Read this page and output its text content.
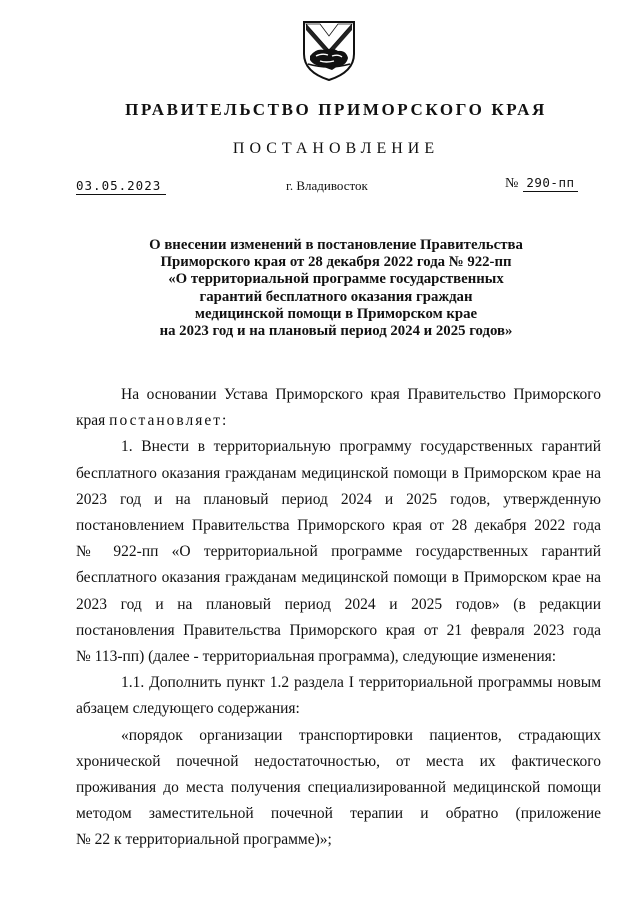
ПРАВИТЕЛЬСТВО ПРИМОРСКОГО КРАЯ
ПОСТАНОВЛЕНИЕ
03.05.2023	г. Владивосток	№ 290-пп
О внесении изменений в постановление Правительства
Приморского края от 28 декабря 2022 года № 922-пп
«О территориальной программе государственных
гарантий бесплатного оказания граждан
медицинской помощи в Приморском крае
на 2023 год и на плановый период 2024 и 2025 годов»
На основании Устава Приморского края Правительство Приморского
края постановляет:
1. Внести в территориальную программу государственных гарантий
бесплатного оказания гражданам медицинской помощи в Приморском крае на
2023 год и на плановый период 2024 и 2025 годов, утвержденную
постановлением Правительства Приморского края от 28 декабря 2022 года
№ 922-пп «О территориальной программе государственных гарантий
бесплатного оказания гражданам медицинской помощи в Приморском крае на
2023 год и на плановый период 2024 и 2025 годов» (в редакции
постановления Правительства Приморского края от 21 февраля 2023 года
№ 113-пп) (далее - территориальная программа), следующие изменения:
1.1. Дополнить пункт 1.2 раздела I территориальной программы новым
абзацем следующего содержания:
«порядок организации транспортировки пациентов, страдающих
хронической почечной недостаточностью, от места их фактического
проживания до места получения специализированной медицинской помощи
методом заместительной почечной терапии и обратно (приложение
№ 22 к территориальной программе)»;
